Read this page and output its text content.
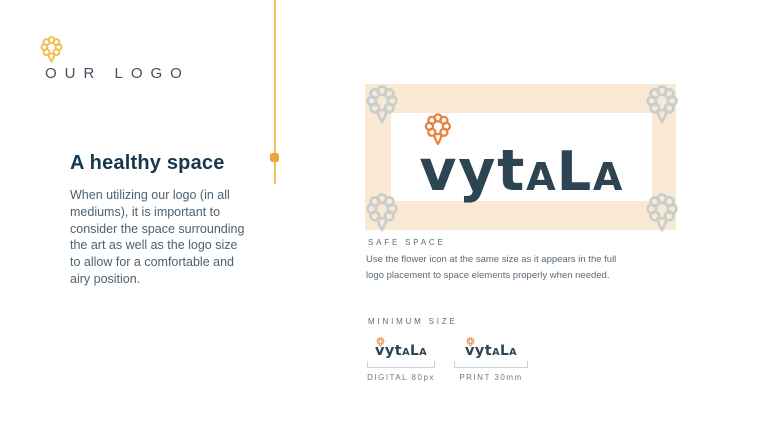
OUR LOGO
A healthy space

When utilizing our logo (in all mediums), it is important to consider the space surrounding the art as well as the logo size to allow for a comfortable and airy position.

vyt A L A
SAFE SPACE
Use the flower icon at the same size as it appears in the full logo placement to space elements properly when needed.
MINIMUM SIZE
vyt A L A
DIGITAL 80px
vyt A L A
PRINT 30mm
